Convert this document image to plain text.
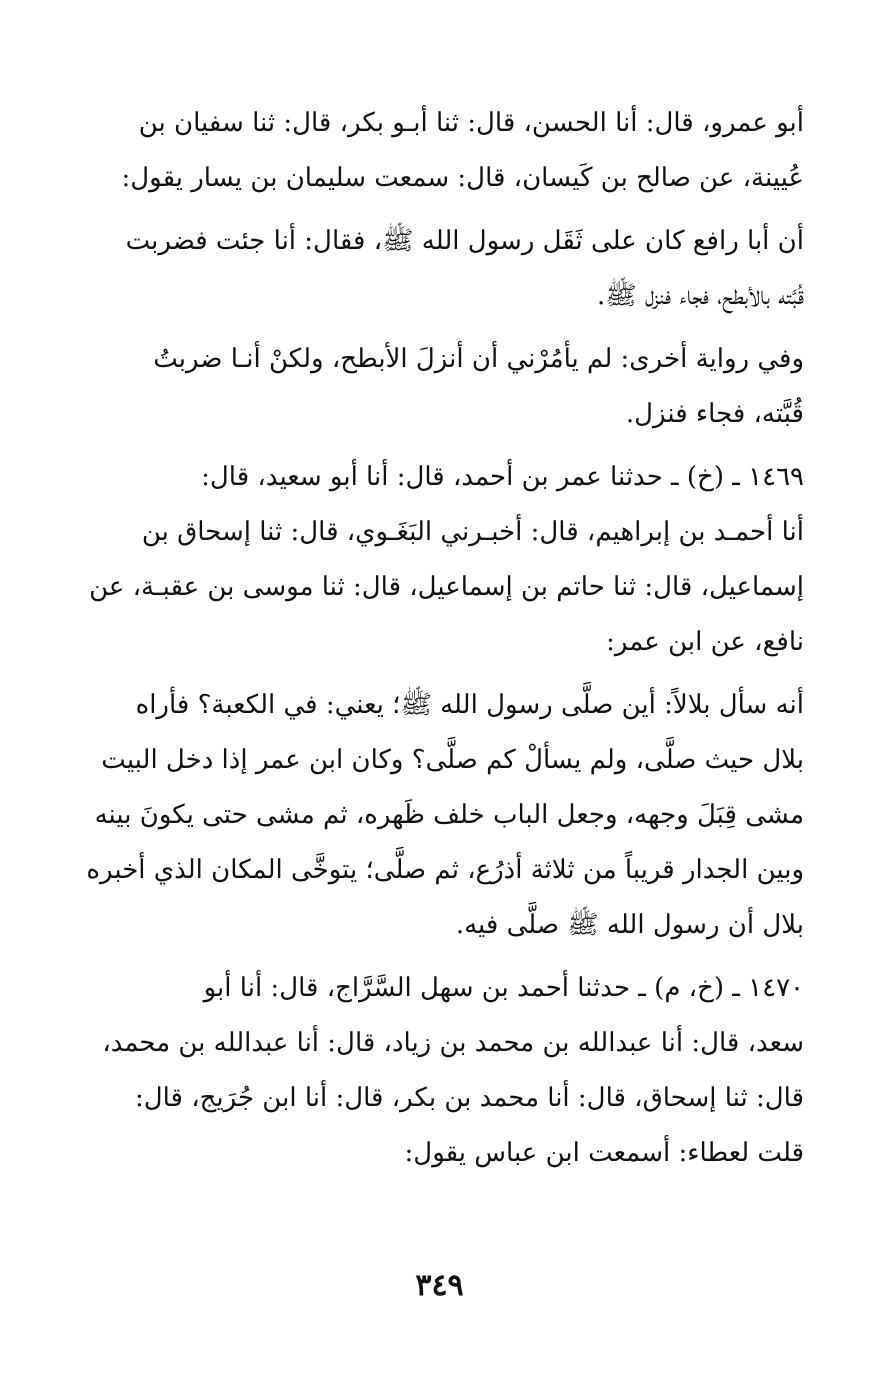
أبو عمرو، قال: أنا الحسن، قال: ثنا أبـو بكر، قال: ثنا سفيان بن
عُيينة، عن صالح بن كَيسان، قال: سمعت سليمان بن يسار يقول:
أن أبا رافع كان على ثَقَل رسول الله ﷺ، فقال: أنا جئت فضربت
قُبَّته بالأبطح، فجاء فنزل ﷺ.
وفي رواية أخرى: لم يأمُرْني أن أنزلَ الأبطح، ولكنْ أنـا ضربتُ
قُبَّته، فجاء فنزل.
١٤٦٩ ـ (خ) ـ حدثنا عمر بن أحمد، قال: أنا أبو سعيد، قال:
أنا أحمـد بن إبراهيم، قال: أخبـرني البَغَـوي، قال: ثنا إسحاق بن
إسماعيل، قال: ثنا حاتم بن إسماعيل، قال: ثنا موسى بن عقبـة، عن
نافع، عن ابن عمر:
أنه سأل بلالاً: أين صلَّى رسول الله ﷺ؛ يعني: في الكعبة؟ فأراه
بلال حيث صلَّى، ولم يسألْ كم صلَّى؟ وكان ابن عمر إذا دخل البيت
مشى قِبَلَ وجهه، وجعل الباب خلف ظَهره، ثم مشى حتى يكونَ بينه
وبين الجدار قريباً من ثلاثة أذرُع، ثم صلَّى؛ يتوخَّى المكان الذي أخبره
بلال أن رسول الله ﷺ صلَّى فيه.
١٤٧٠ ـ (خ، م) ـ حدثنا أحمد بن سهل السَّرَّاج، قال: أنا أبو
سعد، قال: أنا عبدالله بن محمد بن زياد، قال: أنا عبدالله بن محمد،
قال: ثنا إسحاق، قال: أنا محمد بن بكر، قال: أنا ابن جُرَيج، قال:
قلت لعطاء: أسمعت ابن عباس يقول:
٣٤٩
